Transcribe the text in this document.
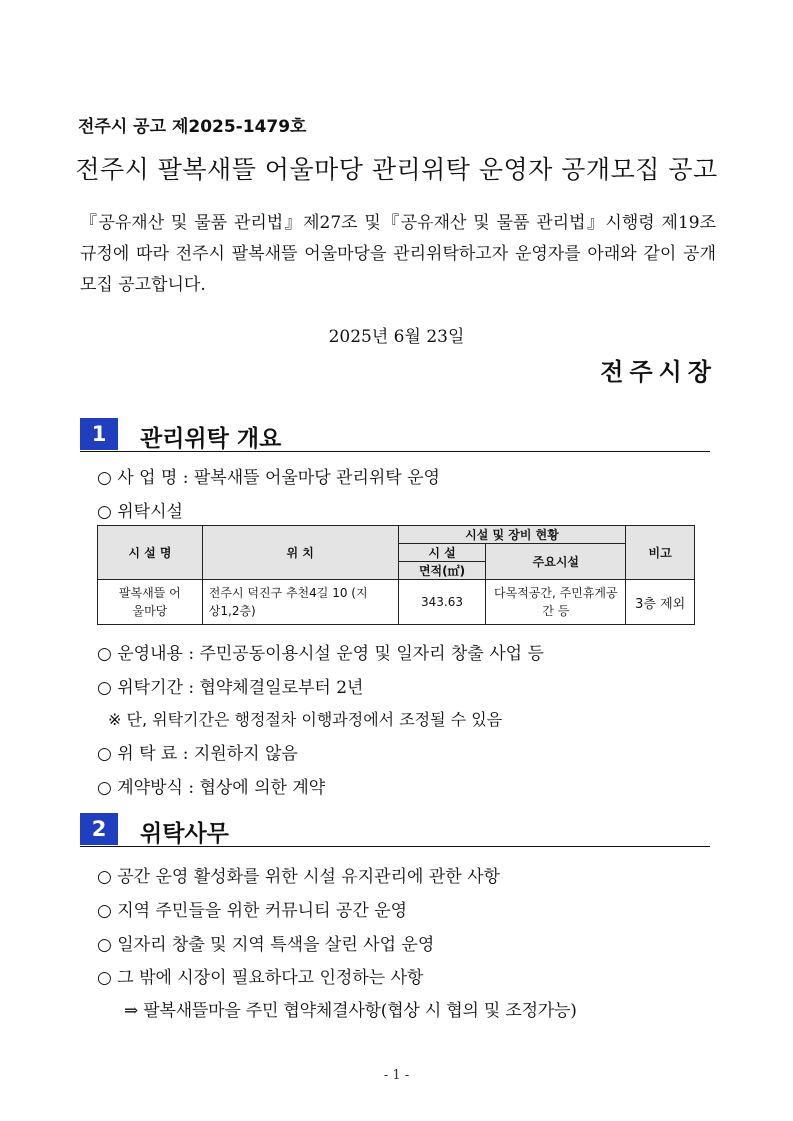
전주시 공고 제2025-1479호
전주시 팔복새뜰 어울마당 관리위탁 운영자 공개모집 공고
『공유재산 및 물품 관리법』제27조 및『공유재산 및 물품 관리법』시행령 제19조 규정에 따라 전주시 팔복새뜰 어울마당을 관리위탁하고자 운영자를 아래와 같이 공개모집 공고합니다.
2025년 6월 23일
전주시장
1	관리위탁 개요
○ 사 업 명 : 팔복새뜰 어울마당 관리위탁 운영
○ 위탁시설
시 설 명	위 치	시설 및 장비 현황		비고
		시 설	주요시설	
		면적(㎡)		

팔복새뜰 어울마당	전주시 덕진구 추천4길 10 (지상1,2층)	343.63	다목적공간, 주민휴게공간 등	3층 제외
○ 운영내용 : 주민공동이용시설 운영 및 일자리 창출 사업 등
○ 위탁기간 : 협약체결일로부터 2년
※ 단, 위탁기간은 행정절차 이행과정에서 조정될 수 있음
○ 위 탁 료 : 지원하지 않음
○ 계약방식 : 협상에 의한 계약
2	위탁사무
○ 공간 운영 활성화를 위한 시설 유지관리에 관한 사항
○ 지역 주민들을 위한 커뮤니티 공간 운영
○ 일자리 창출 및 지역 특색을 살린 사업 운영
○ 그 밖에 시장이 필요하다고 인정하는 사항
⇒ 팔복새뜰마을 주민 협약체결사항(협상 시 협의 및 조정가능)
- 1 -
